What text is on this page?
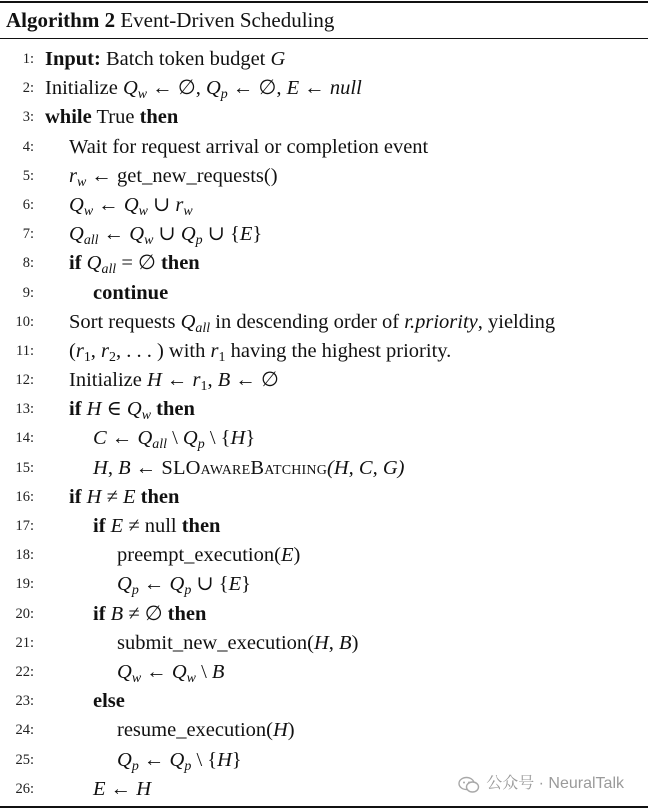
Algorithm 2 Event-Driven Scheduling
1: Input: Batch token budget G
2: Initialize $Q_w$ ← ∅, $Q_p$ ← ∅, E ← null
3: while True then
4: Wait for request arrival or completion event
5: $r_w$ ← get_new_requests()
6: $Q_w$ ← $Q_w$ ∪ $r_w$
7: $Q_{all}$ ← $Q_w$ ∪ $Q_p$ ∪ {E}
8: if $Q_{all}$ = ∅ then
9:	continue
10: Sort requests $Q_{all}$ in descending order of r.priority, yielding
11: ($r_1$, $r_2$, . . . ) with $r_1$ having the highest priority.
12: Initialize H ← $r_1$, B ← ∅
13: if H ∈ $Q_w$ then
14:	C ← $Q_{all}$ \ $Q_p$ \ {H}
15:	H, B ← SLOawareBatching(H, C, G)
16: if H ≠ E then
17:	if E ≠ null then
18:	preempt_execution(E)
19:	$Q_p$ ← $Q_p$ ∪ {E}
20:	if B ≠ ∅ then
21:	submit_new_execution(H, B)
22:	$Q_w$ ← $Q_w$ \ B
23:	else
24:	resume_execution(H)
25:	$Q_p$ ← $Q_p$ \ {H}
26:	E ← H	公众号 · NeuralTalk
